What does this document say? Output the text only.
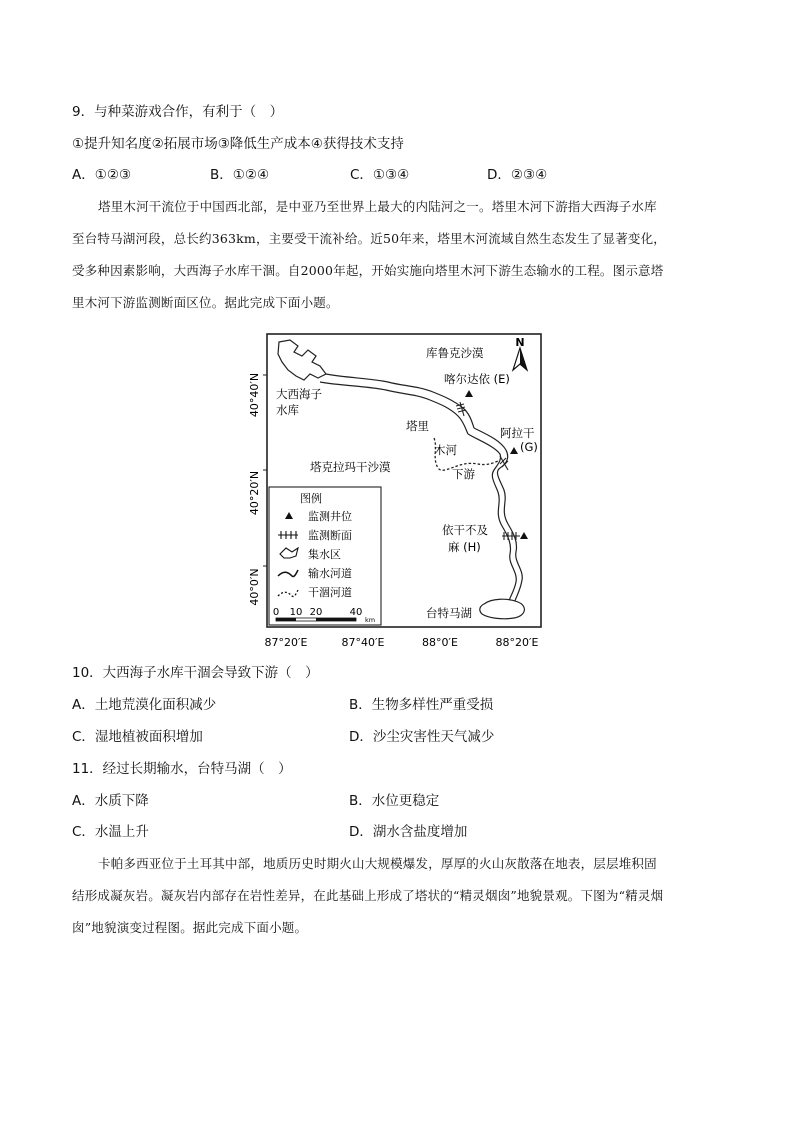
9．与种菜游戏合作，有利于（　）
①提升知名度②拓展市场③降低生产成本④获得技术支持
A．①②③	B．①②④	C．①③④	D．②③④
塔里木河干流位于中国西北部，是中亚乃至世界上最大的内陆河之一。塔里木河下游指大西海子水库
至台特马湖河段，总长约363km，主要受干流补给。近50年来，塔里木河流域自然生态发生了显著变化，
受多种因素影响，大西海子水库干涸。自2000年起，开始实施向塔里木河下游生态输水的工程。图示意塔
里木河下游监测断面区位。据此完成下面小题。
40°40′N
40°20′N
40°0′N
87°20′E	87°40′E	88°0′E	88°20′E
N
库鲁克沙漠
大西海子
水库
喀尔达依 (E)
塔里
木河
下游
阿拉干
(G)
塔克拉玛干沙漠
依干不及
麻 (H)
台特马湖
图例
监测井位
监测断面
集水区
输水河道
干涸河道
0 10 20	40
km
10．大西海子水库干涸会导致下游（　）
A．土地荒漠化面积减少	B．生物多样性严重受损
C．湿地植被面积增加	D．沙尘灾害性天气减少
11．经过长期输水，台特马湖（　）
A．水质下降	B．水位更稳定
C．水温上升	D．湖水含盐度增加
卡帕多西亚位于土耳其中部，地质历史时期火山大规模爆发，厚厚的火山灰散落在地表，层层堆积固
结形成凝灰岩。凝灰岩内部存在岩性差异，在此基础上形成了塔状的“精灵烟囱”地貌景观。下图为“精灵烟
囱”地貌演变过程图。据此完成下面小题。
